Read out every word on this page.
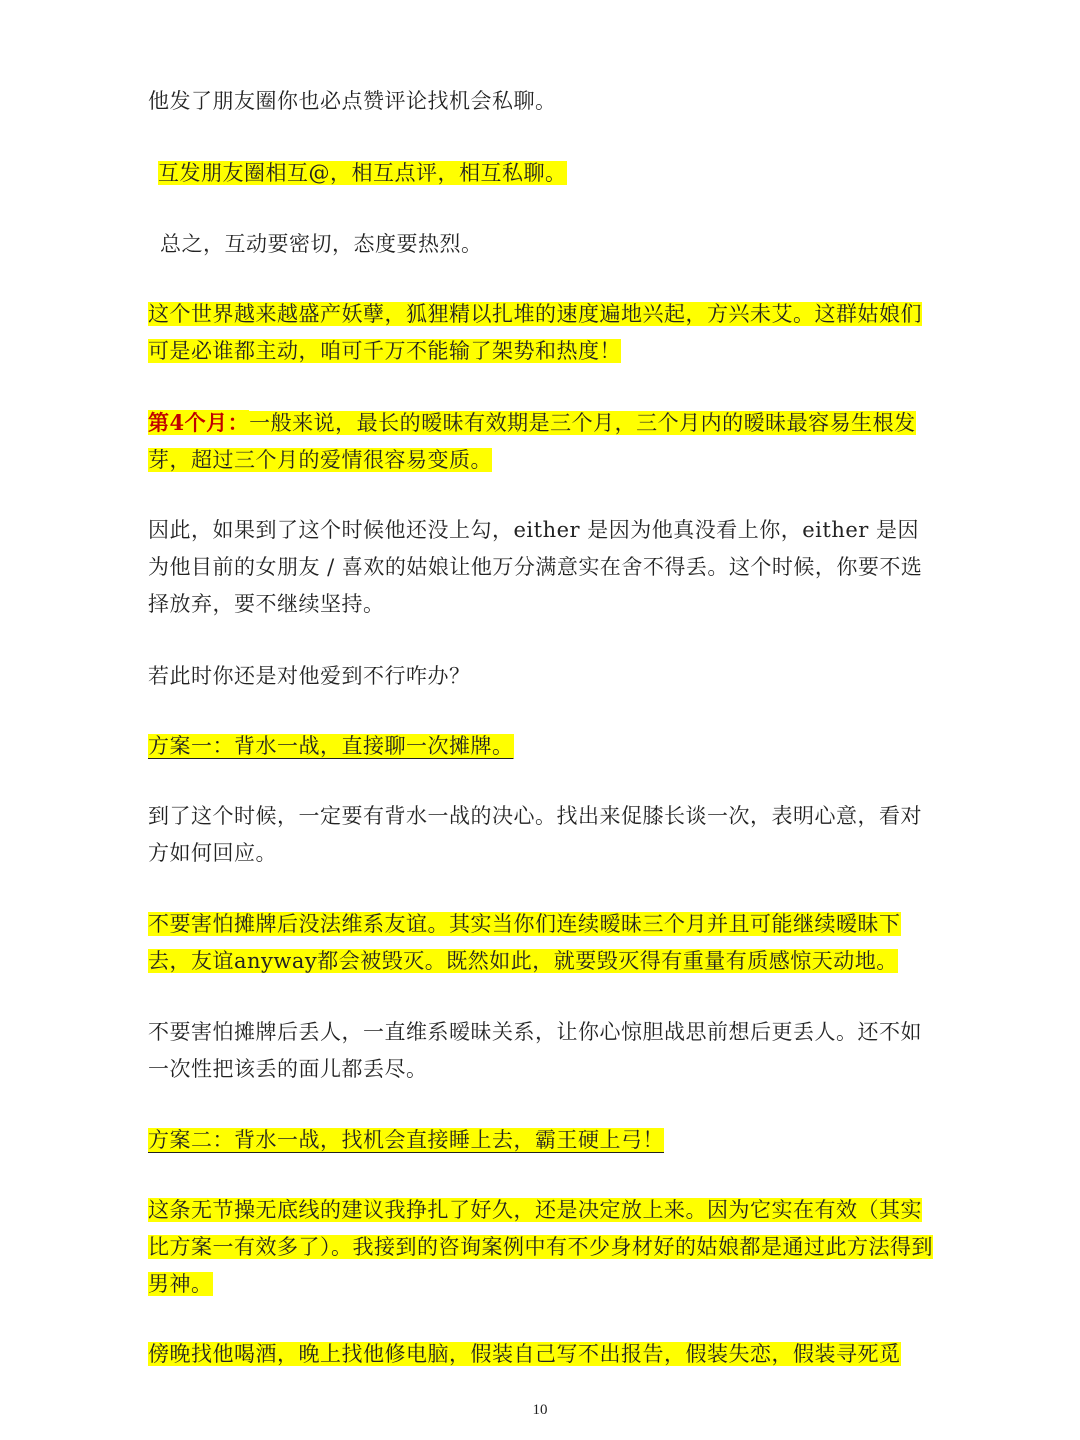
他发了朋友圈你也必点赞评论找机会私聊。

互发朋友圈相互@，相互点评，相互私聊。

总之，互动要密切，态度要热烈。

这个世界越来越盛产妖孽，狐狸精以扎堆的速度遍地兴起，方兴未艾。这群姑娘们可是必谁都主动，咱可千万不能输了架势和热度！

第4个月：一般来说，最长的暧昧有效期是三个月，三个月内的暧昧最容易生根发芽，超过三个月的爱情很容易变质。

因此，如果到了这个时候他还没上勾，either 是因为他真没看上你，either 是因为他目前的女朋友 / 喜欢的姑娘让他万分满意实在舍不得丢。这个时候，你要不选择放弃，要不继续坚持。

若此时你还是对他爱到不行咋办？

方案一：背水一战，直接聊一次摊牌。

到了这个时候，一定要有背水一战的决心。找出来促膝长谈一次，表明心意，看对方如何回应。

不要害怕摊牌后没法维系友谊。其实当你们连续暧昧三个月并且可能继续暧昧下去，友谊anyway都会被毁灭。既然如此，就要毁灭得有重量有质感惊天动地。

不要害怕摊牌后丢人，一直维系暧昧关系，让你心惊胆战思前想后更丢人。还不如一次性把该丢的面儿都丢尽。

方案二：背水一战，找机会直接睡上去，霸王硬上弓！

这条无节操无底线的建议我挣扎了好久，还是决定放上来。因为它实在有效（其实比方案一有效多了）。我接到的咨询案例中有不少身材好的姑娘都是通过此方法得到男神。

傍晚找他喝酒，晚上找他修电脑，假装自己写不出报告，假装失恋，假装寻死觅

10
